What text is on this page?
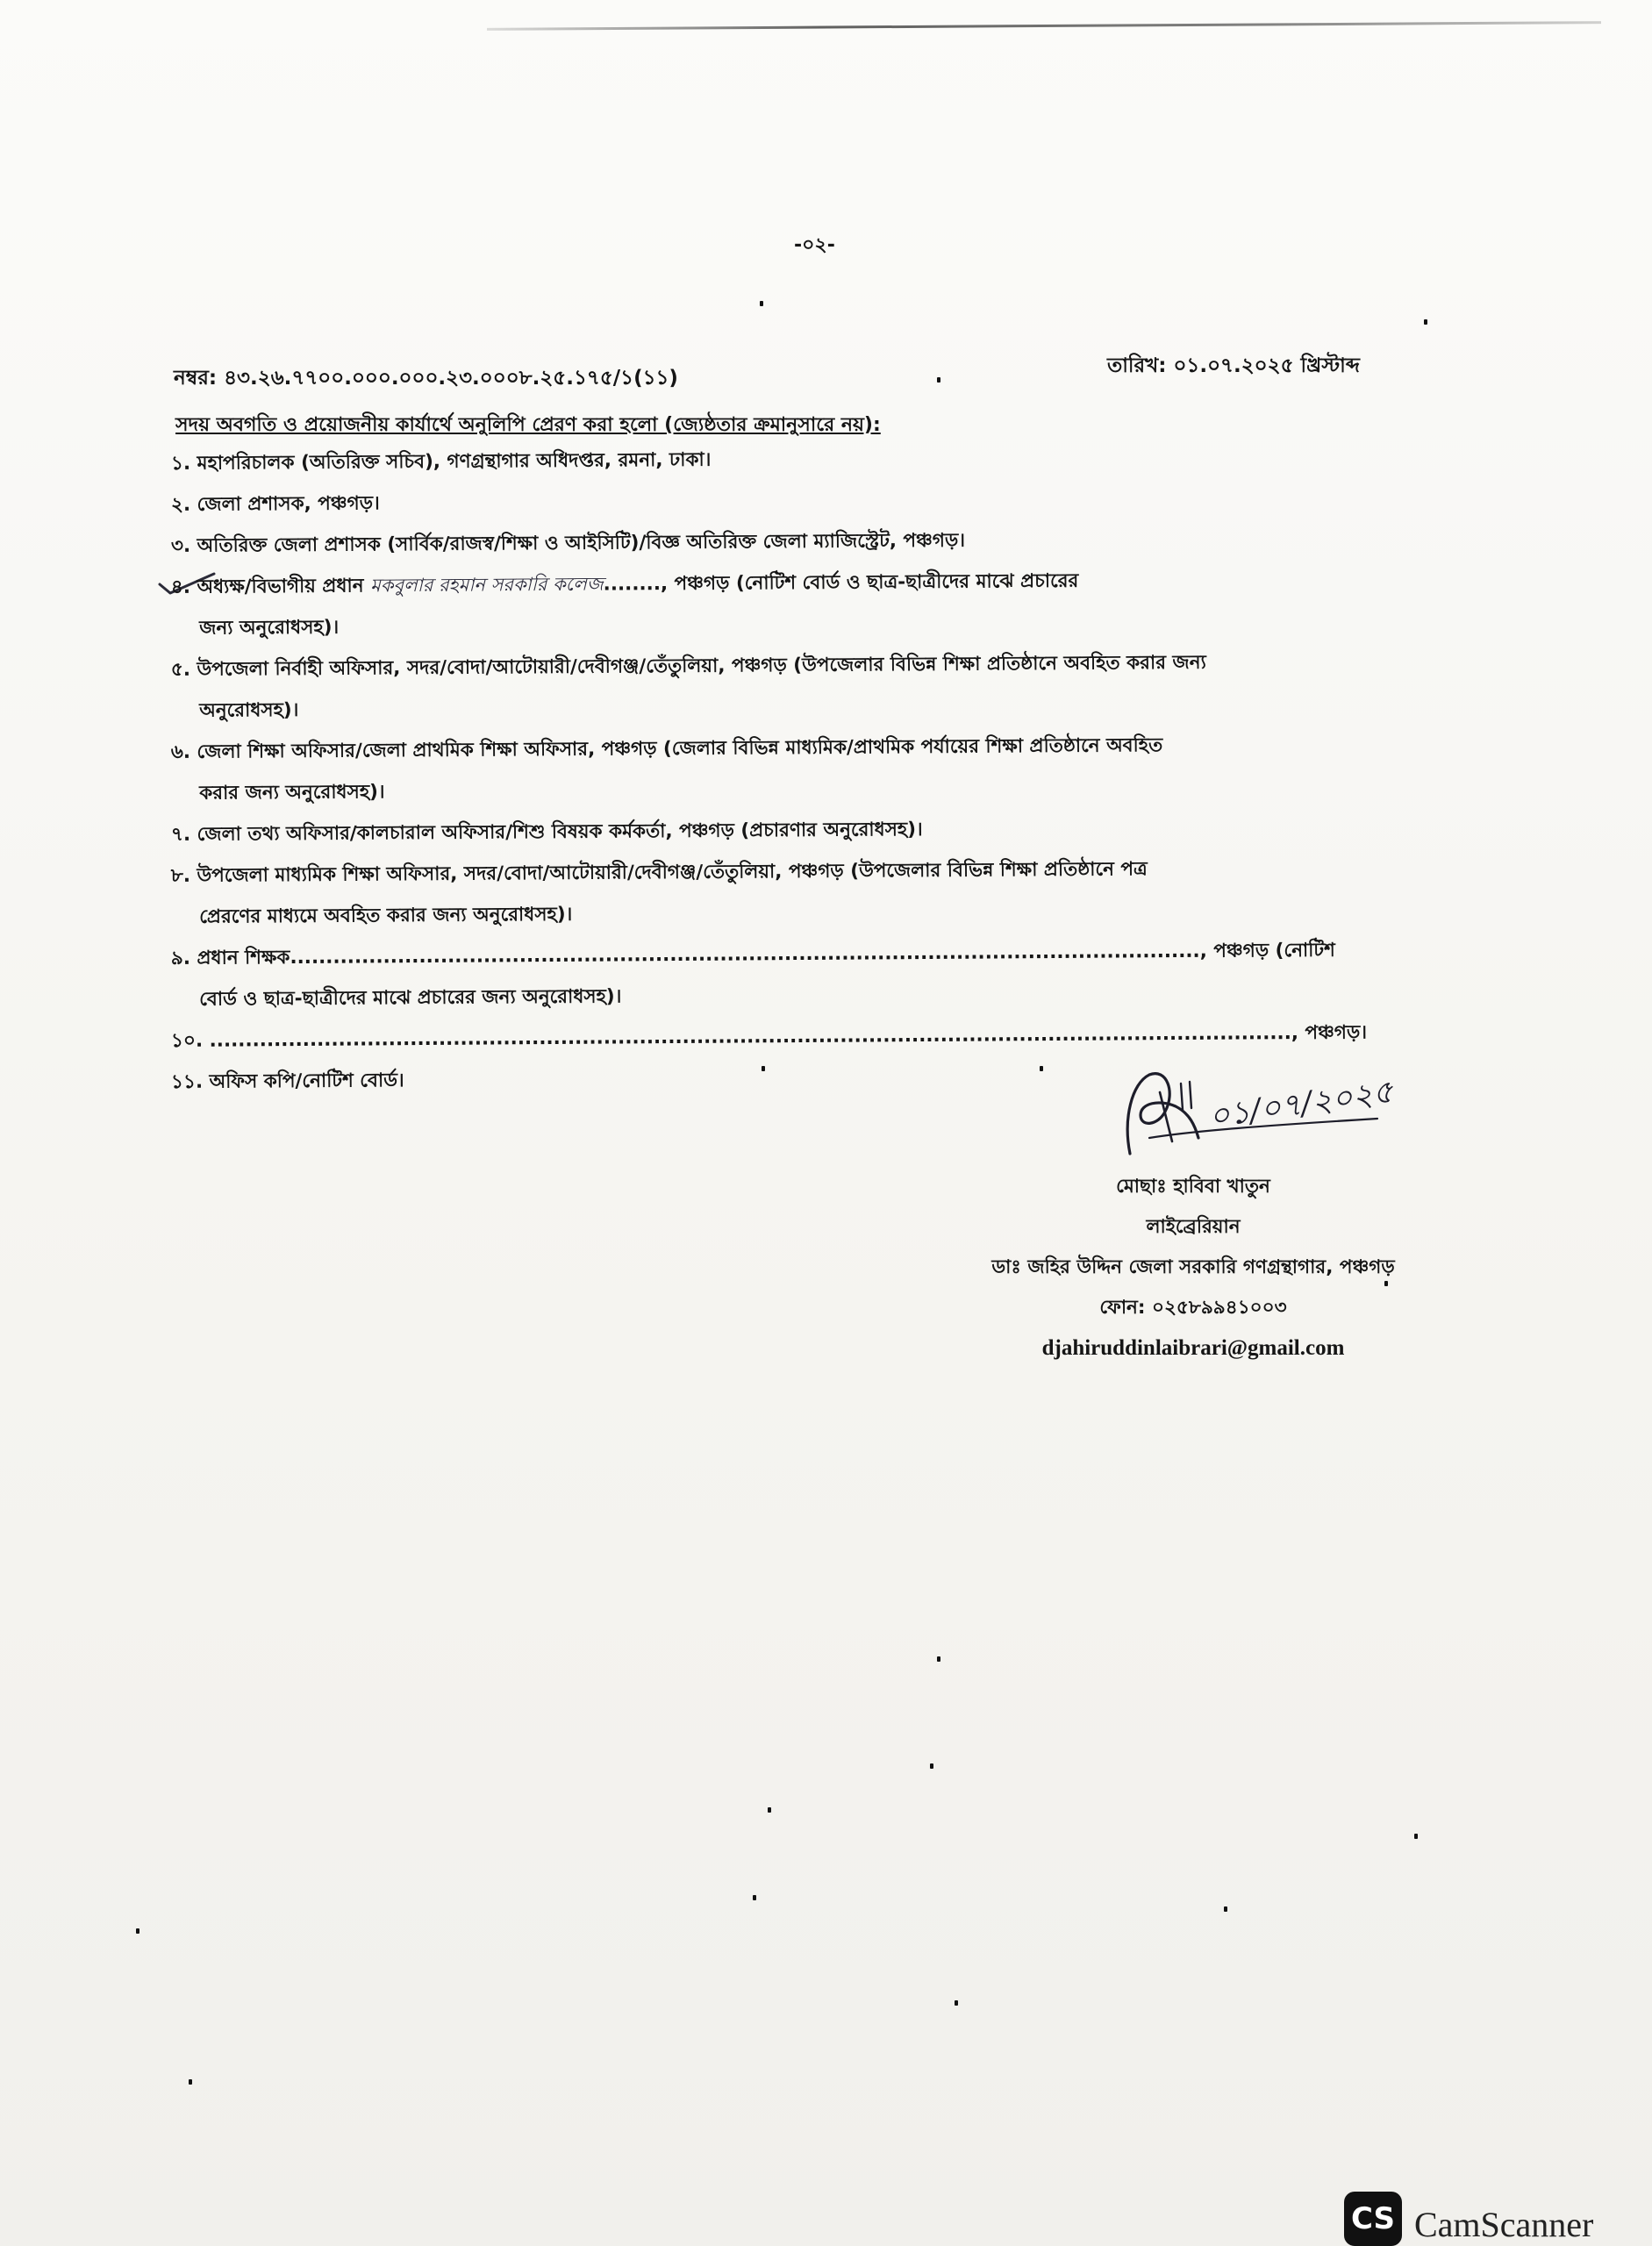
-০২-
নম্বর: ৪৩.২৬.৭৭০০.০০০.০০০.২৩.০০০৮.২৫.১৭৫/১(১১)
তারিখ: ০১.০৭.২০২৫ খ্রিস্টাব্দ
সদয় অবগতি ও প্রয়োজনীয় কার্যার্থে অনুলিপি প্রেরণ করা হলো (জ্যেষ্ঠতার ক্রমানুসারে নয়):
১. মহাপরিচালক (অতিরিক্ত সচিব), গণগ্রন্থাগার অধিদপ্তর, রমনা, ঢাকা।
২. জেলা প্রশাসক, পঞ্চগড়।
৩. অতিরিক্ত জেলা প্রশাসক (সার্বিক/রাজস্ব/শিক্ষা ও আইসিটি)/বিজ্ঞ অতিরিক্ত জেলা ম্যাজিস্ট্রেট, পঞ্চগড়।
৪. অধ্যক্ষ/বিভাগীয় প্রধান মকবুলার রহমান সরকারি কলেজ........, পঞ্চগড় (নোটিশ বোর্ড ও ছাত্র-ছাত্রীদের মাঝে প্রচারের
জন্য অনুরোধসহ)।
৫. উপজেলা নির্বাহী অফিসার, সদর/বোদা/আটোয়ারী/দেবীগঞ্জ/তেঁতুলিয়া, পঞ্চগড় (উপজেলার বিভিন্ন শিক্ষা প্রতিষ্ঠানে অবহিত করার জন্য
অনুরোধসহ)।
৬. জেলা শিক্ষা অফিসার/জেলা প্রাথমিক শিক্ষা অফিসার, পঞ্চগড় (জেলার বিভিন্ন মাধ্যমিক/প্রাথমিক পর্যায়ের শিক্ষা প্রতিষ্ঠানে অবহিত
করার জন্য অনুরোধসহ)।
৭. জেলা তথ্য অফিসার/কালচারাল অফিসার/শিশু বিষয়ক কর্মকর্তা, পঞ্চগড় (প্রচারণার অনুরোধসহ)।
৮. উপজেলা মাধ্যমিক শিক্ষা অফিসার, সদর/বোদা/আটোয়ারী/দেবীগঞ্জ/তেঁতুলিয়া, পঞ্চগড় (উপজেলার বিভিন্ন শিক্ষা প্রতিষ্ঠানে পত্র
প্রেরণের মাধ্যমে অবহিত করার জন্য অনুরোধসহ)।
৯. প্রধান শিক্ষক..............................................................................................................................., পঞ্চগড় (নোটিশ
বোর্ড ও ছাত্র-ছাত্রীদের মাঝে প্রচারের জন্য অনুরোধসহ)।
১০. ......................................................................................................................................................., পঞ্চগড়।
১১. অফিস কপি/নোটিশ বোর্ড।	০১/০৭/২০২৫
মোছাঃ হাবিবা খাতুন
লাইব্রেরিয়ান
ডাঃ জহির উদ্দিন জেলা সরকারি গণগ্রন্থাগার, পঞ্চগড়
ফোন: ০২৫৮৯৯৪১০০৩
djahiruddinlaibrari@gmail.com
CS CamScanner
